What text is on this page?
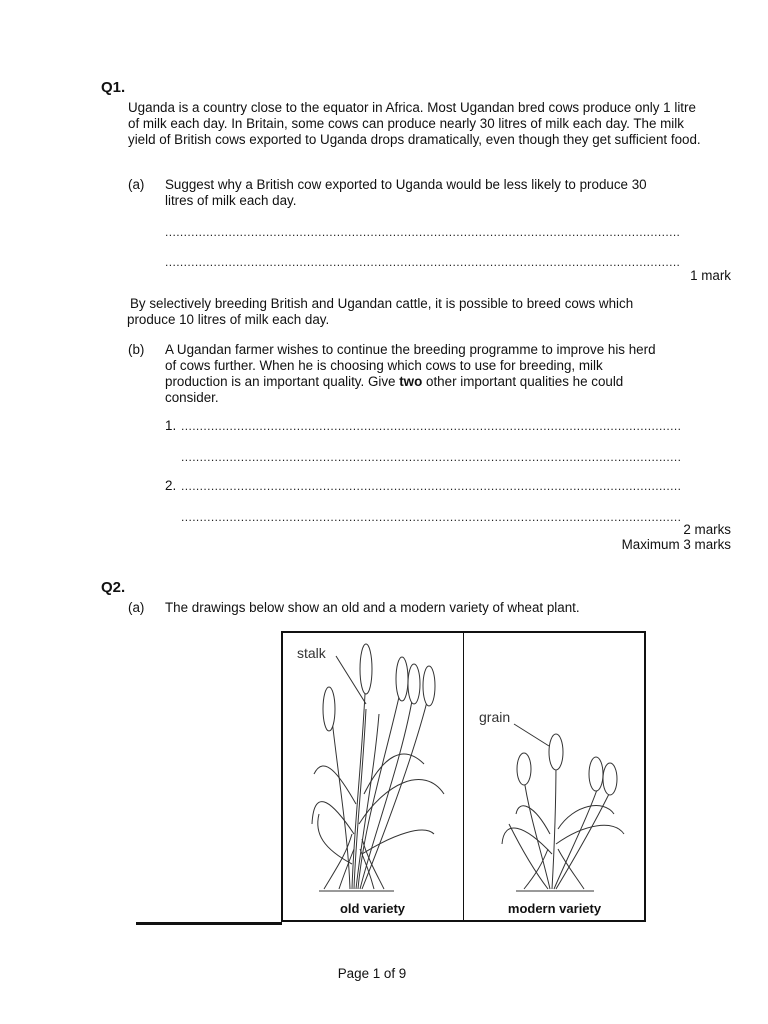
Q1.
Uganda is a country close to the equator in Africa. Most Ugandan bred cows produce only 1 litre of milk each day. In Britain, some cows can produce nearly 30 litres of milk each day. The milk yield of British cows exported to Uganda drops dramatically, even though they get sufficient food.
(a) Suggest why a British cow exported to Uganda would be less likely to produce 30 litres of milk each day.
..........................................................................................................................................
..........................................................................................................................................
1 mark
By selectively breeding British and Ugandan cattle, it is possible to breed cows which produce 10 litres of milk each day.
(b) A Ugandan farmer wishes to continue the breeding programme to improve his herd of cows further. When he is choosing which cows to use for breeding, milk production is an important quality. Give two other important qualities he could consider.
1. ......................................................................................................................................
......................................................................................................................................
2. ......................................................................................................................................
......................................................................................................................................
2 marks
Maximum 3 marks
Q2.
(a) The drawings below show an old and a modern variety of wheat plant.
stalk
grain
old variety	modern variety
Page 1 of 9
